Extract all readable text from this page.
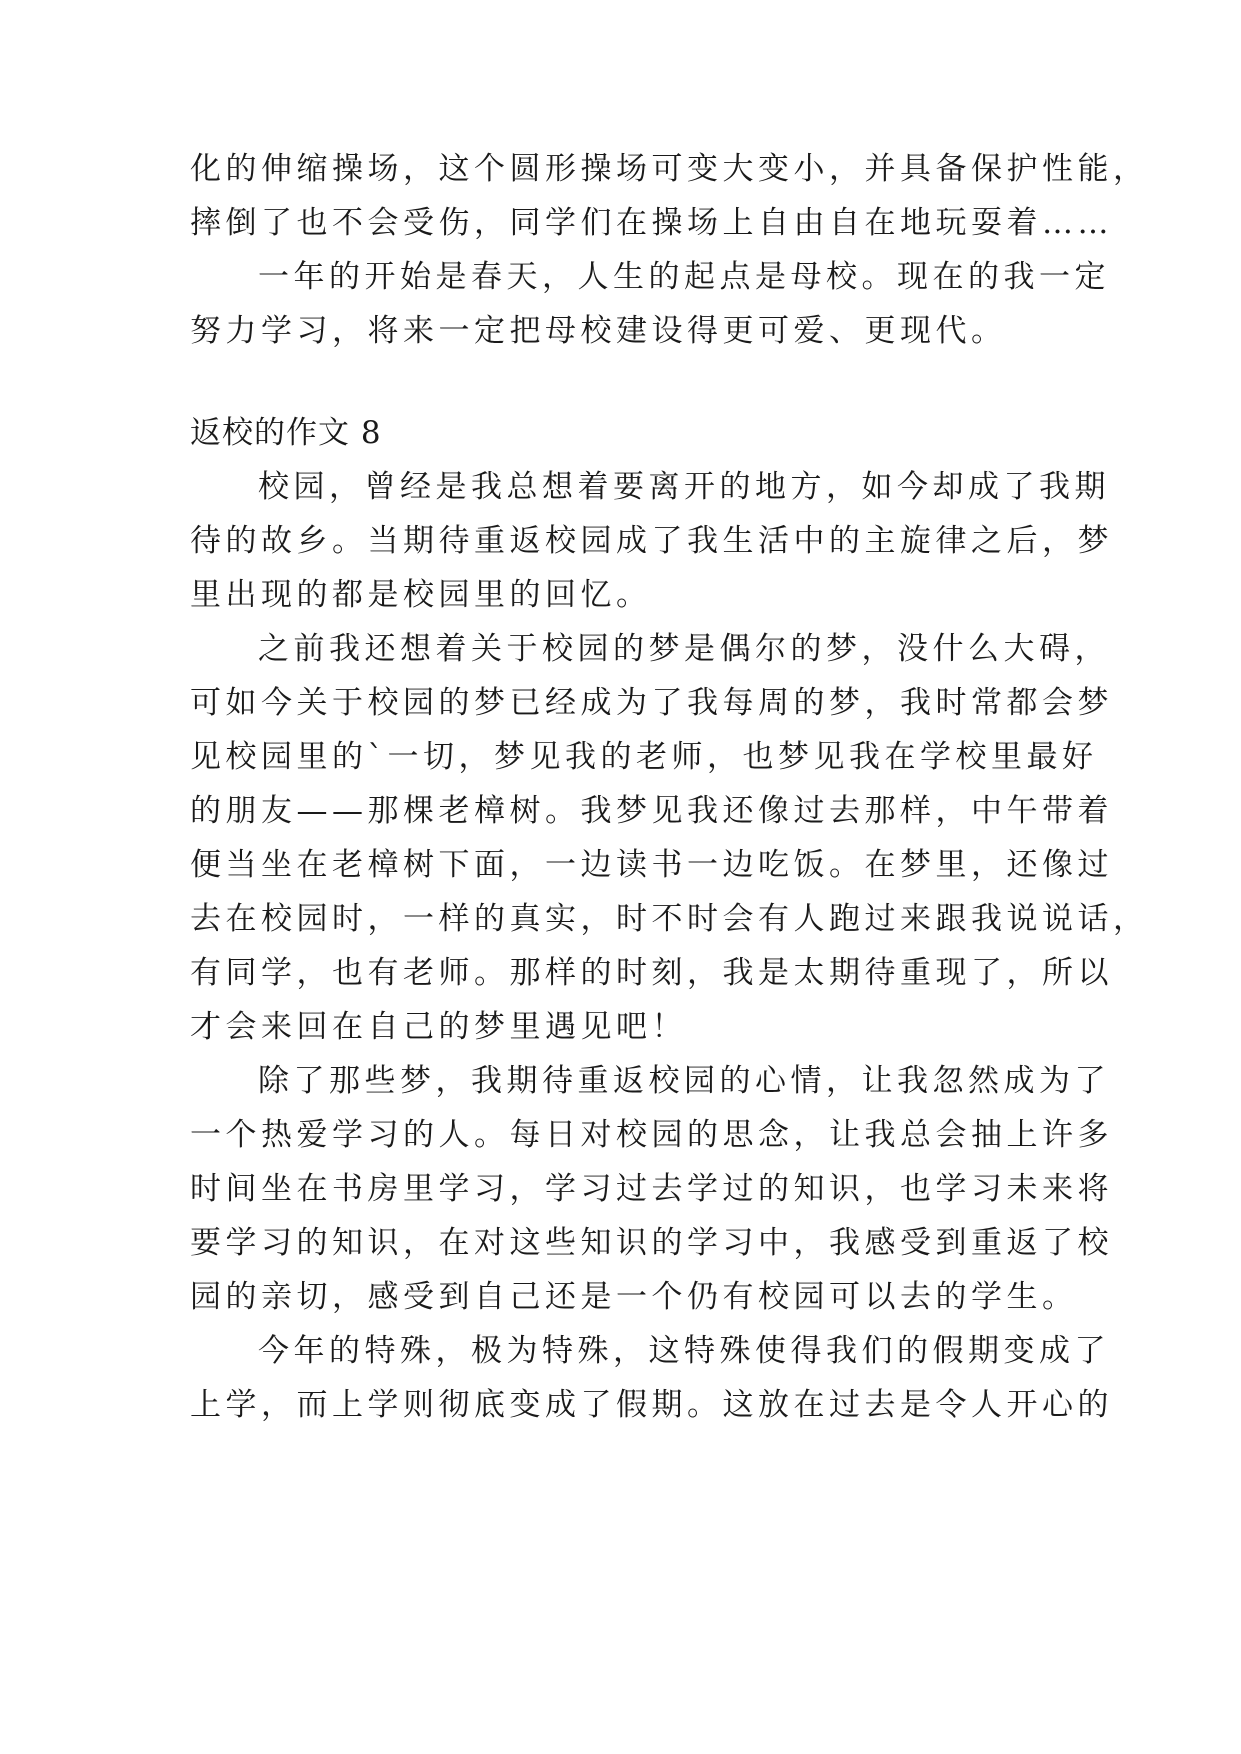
化的伸缩操场，这个圆形操场可变大变小，并具备保护性能，
摔倒了也不会受伤，同学们在操场上自由自在地玩耍着……
一年的开始是春天，人生的起点是母校。现在的我一定
努力学习，将来一定把母校建设得更可爱、更现代。
返校的作文 8
校园，曾经是我总想着要离开的地方，如今却成了我期
待的故乡。当期待重返校园成了我生活中的主旋律之后，梦
里出现的都是校园里的回忆。
之前我还想着关于校园的梦是偶尔的梦，没什么大碍，
可如今关于校园的梦已经成为了我每周的梦，我时常都会梦
见校园里的`一切，梦见我的老师，也梦见我在学校里最好
的朋友——那棵老樟树。我梦见我还像过去那样，中午带着
便当坐在老樟树下面，一边读书一边吃饭。在梦里，还像过
去在校园时，一样的真实，时不时会有人跑过来跟我说说话，
有同学，也有老师。那样的时刻，我是太期待重现了，所以
才会来回在自己的梦里遇见吧！
除了那些梦，我期待重返校园的心情，让我忽然成为了
一个热爱学习的人。每日对校园的思念，让我总会抽上许多
时间坐在书房里学习，学习过去学过的知识，也学习未来将
要学习的知识，在对这些知识的学习中，我感受到重返了校
园的亲切，感受到自己还是一个仍有校园可以去的学生。
今年的特殊，极为特殊，这特殊使得我们的假期变成了
上学，而上学则彻底变成了假期。这放在过去是令人开心的
